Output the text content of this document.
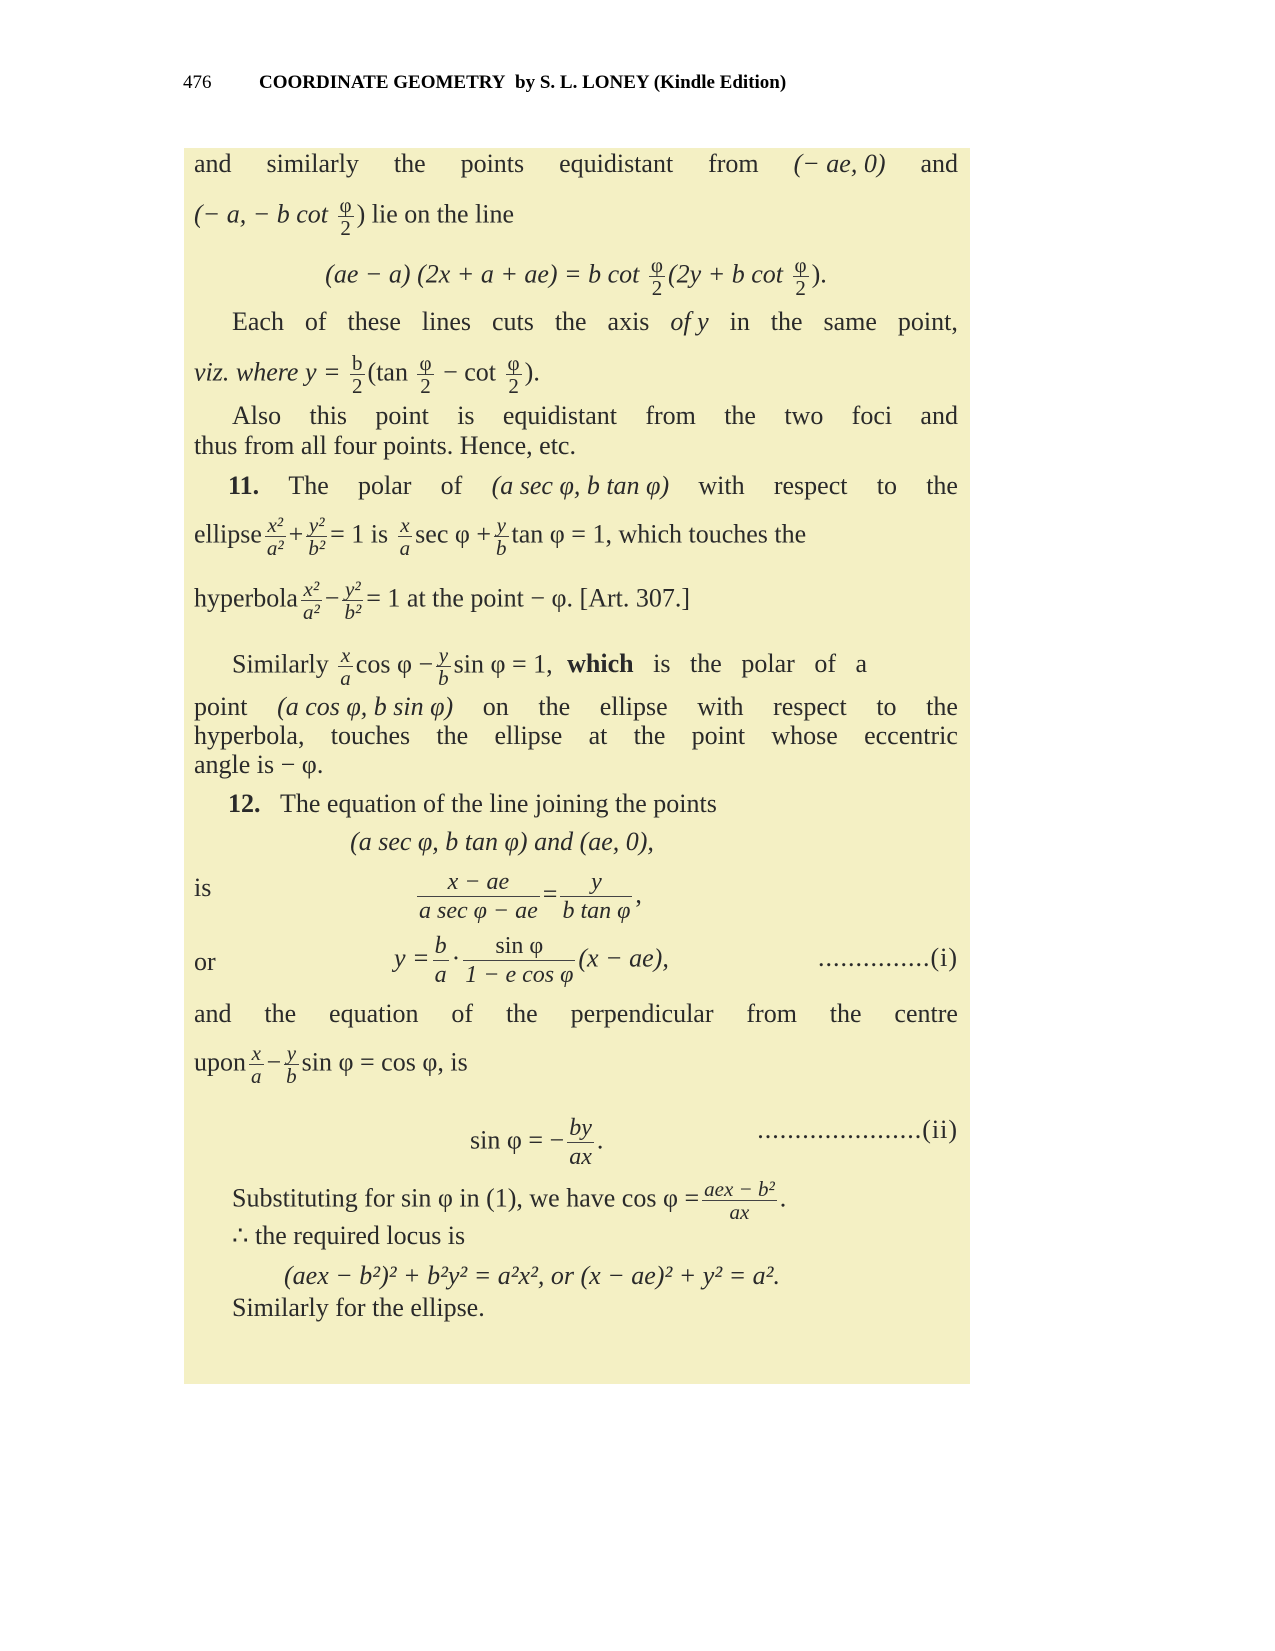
476	COORDINATE GEOMETRY by S. L. LONEY (Kindle Edition)
and similarly the points equidistant from (− ae, 0) and
(− a, − b $\cot \frac{\varphi}{2}$ ) lie on the line
(ae − a) (2x + a + ae) = b $\cot \frac{\varphi}{2} (2y + b$ $\cot \frac{\varphi}{2}$ ).
Each of these lines cuts the axis of y in the same point,
viz. where $y = \frac{b}{2} (\tan \frac{\varphi}{2} - \cot \frac{\varphi}{2}$ ).
Also this point is equidistant from the two foci and
thus from all four points. Hence, etc.
11. The polar of (a sec φ, b tan φ) with respect to the
ellipse $\frac{\text{x²}}{\text{a²}} + \frac{\text{y²}}{\text{b²}} = 1$ is $\frac{x}{a}$ $\sec \varphi + \frac{y}{b}$ tan φ = 1, which touches the
hyperbola $\frac{\text{x²}}{\text{a²}} - \frac{\text{y²}}{\text{b²}} = 1$ at the point − φ. [Art. 307.]
Similarly $\frac{x}{a}$ $\cos \varphi - \frac{y}{b}$ sin φ = 1, which is the polar of a
point (a cos φ, b sin φ) on the ellipse with respect to the
hyperbola, touches the ellipse at the point whose eccentric
angle is − φ.
12. The equation of the line joining the points
(a sec φ, b tan φ) and (ae, 0),
is	$\frac{x - ae}{\text{a sec φ − ae}} = \frac{y}{\text{b tan φ}}$ ,
or	$y = \frac{b}{a} \cdot \frac{\text{sin φ}}{\text{1 − e cos φ}} (x - ae)$,	...............(i)
and the equation of the perpendicular from the centre
upon $\frac{x}{a} - \frac{y}{b}$ sin φ = cos φ, is
sin φ = − $\frac{by}{ax}$ .	......................(ii)
Substituting for sin φ in (1), we have $\cos \varphi = \frac{\text{aex − b²}}{ax}$ .
∴ the required locus is
(aex − b²)² + b²y² = a²x², or (x − ae)² + y² = a².
Similarly for the ellipse.
